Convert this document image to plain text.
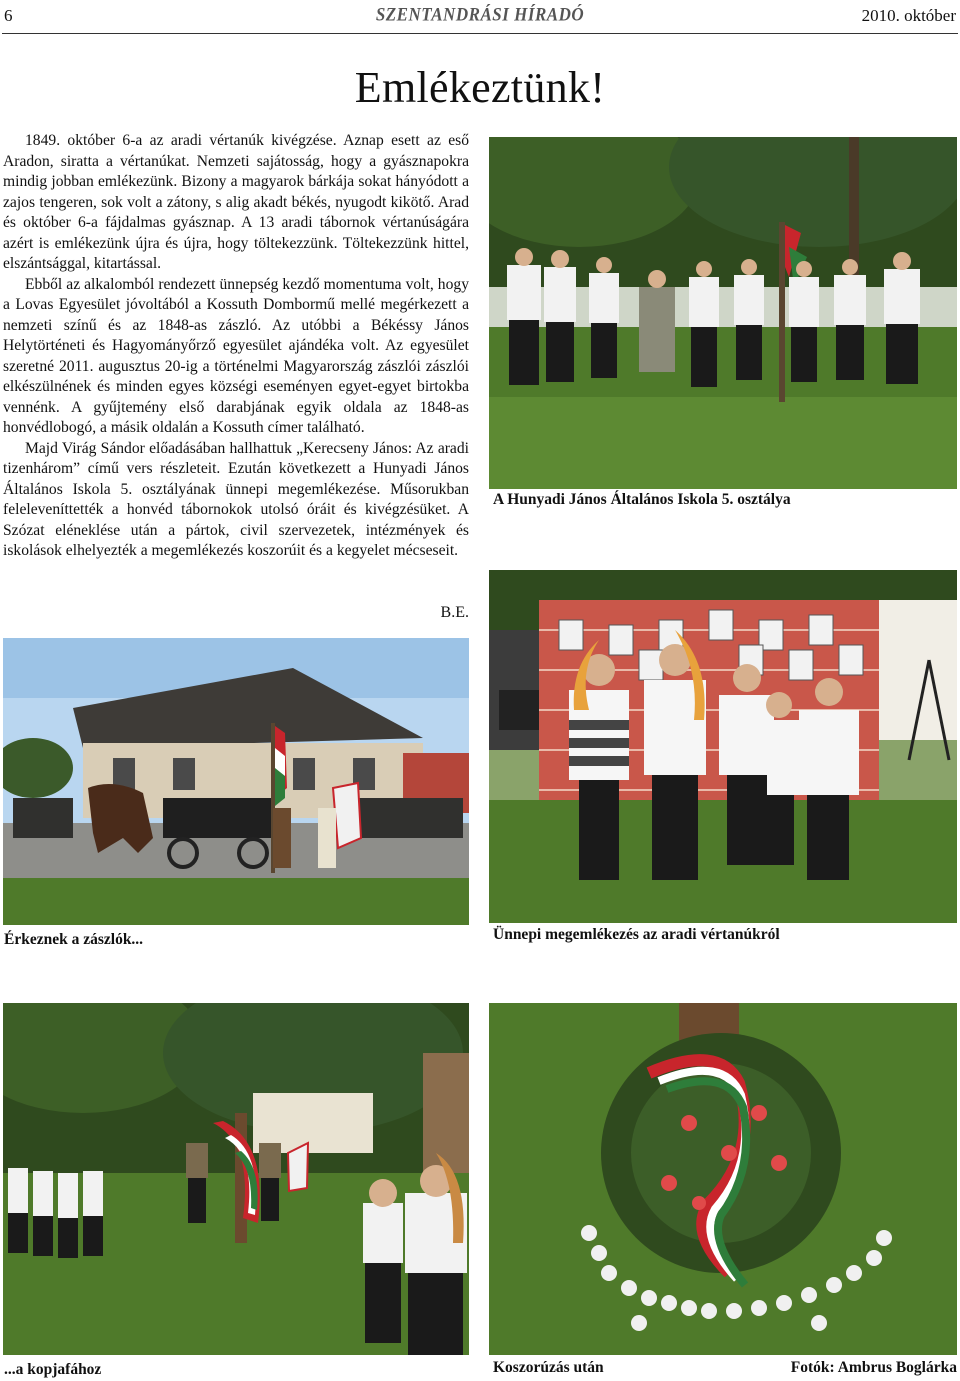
6	SZENTANDRÁSI HÍRADÓ	2010. október
Emlékeztünk!

1849. október 6-a az aradi vértanúk kivégzése. Aznap esett az eső Aradon, siratta a vértanúkat. Nemzeti sajátosság, hogy a gyásznapokra mindig jobban emlékezünk. Bizony a magyarok bárkája sokat hányódott a zajos tengeren, sok volt a zátony, s alig akadt békés, nyugodt kikötő. Arad és október 6-a fájdalmas gyásznap. A 13 aradi tábornok vértanúságára azért is emlékezünk újra és újra, hogy töltekezzünk. Töltekezzünk hittel, elszántsággal, kitartással.

Ebből az alkalomból rendezett ünnepség kezdő momentuma volt, hogy a Lovas Egyesület jóvoltából a Kossuth Dombormű mellé megérkezett a nemzeti színű és az 1848-as zászló. Az utóbbi a Békéssy János Helytörténeti és Hagyományőrző egyesület ajándéka volt. Az egyesület szeretné 2011. augusztus 20-ig a történelmi Magyarország zászlói zászlói elkészülnének és minden egyes községi eseményen egyet-egyet birtokba vennénk. A gyűjtemény első darabjának egyik oldala az 1848-as honvédlobogó, a másik oldalán a Kossuth címer található.

Majd Virág Sándor előadásában hallhattuk „Kerecseny János: Az aradi tizenhárom” című vers részleteit. Ezután következett a Hunyadi János Általános Iskola 5. osztályának ünnepi megemlékezése. Műsorukban feleleveníttették a honvéd tábornokok utolsó óráit és kivégzésüket. A Szózat eléneklése után a pártok, civil szervezetek, intézmények és iskolások elhelyezték a megemlékezés koszorúit és a kegyelet mécseseit.

B.E.
A Hunyadi János Általános Iskola 5. osztálya
Érkeznek a zászlók...	Ünnepi megemlékezés az aradi vértanúkról
...a kopjafához	Koszorúzás után	Fotók: Ambrus Boglárka
